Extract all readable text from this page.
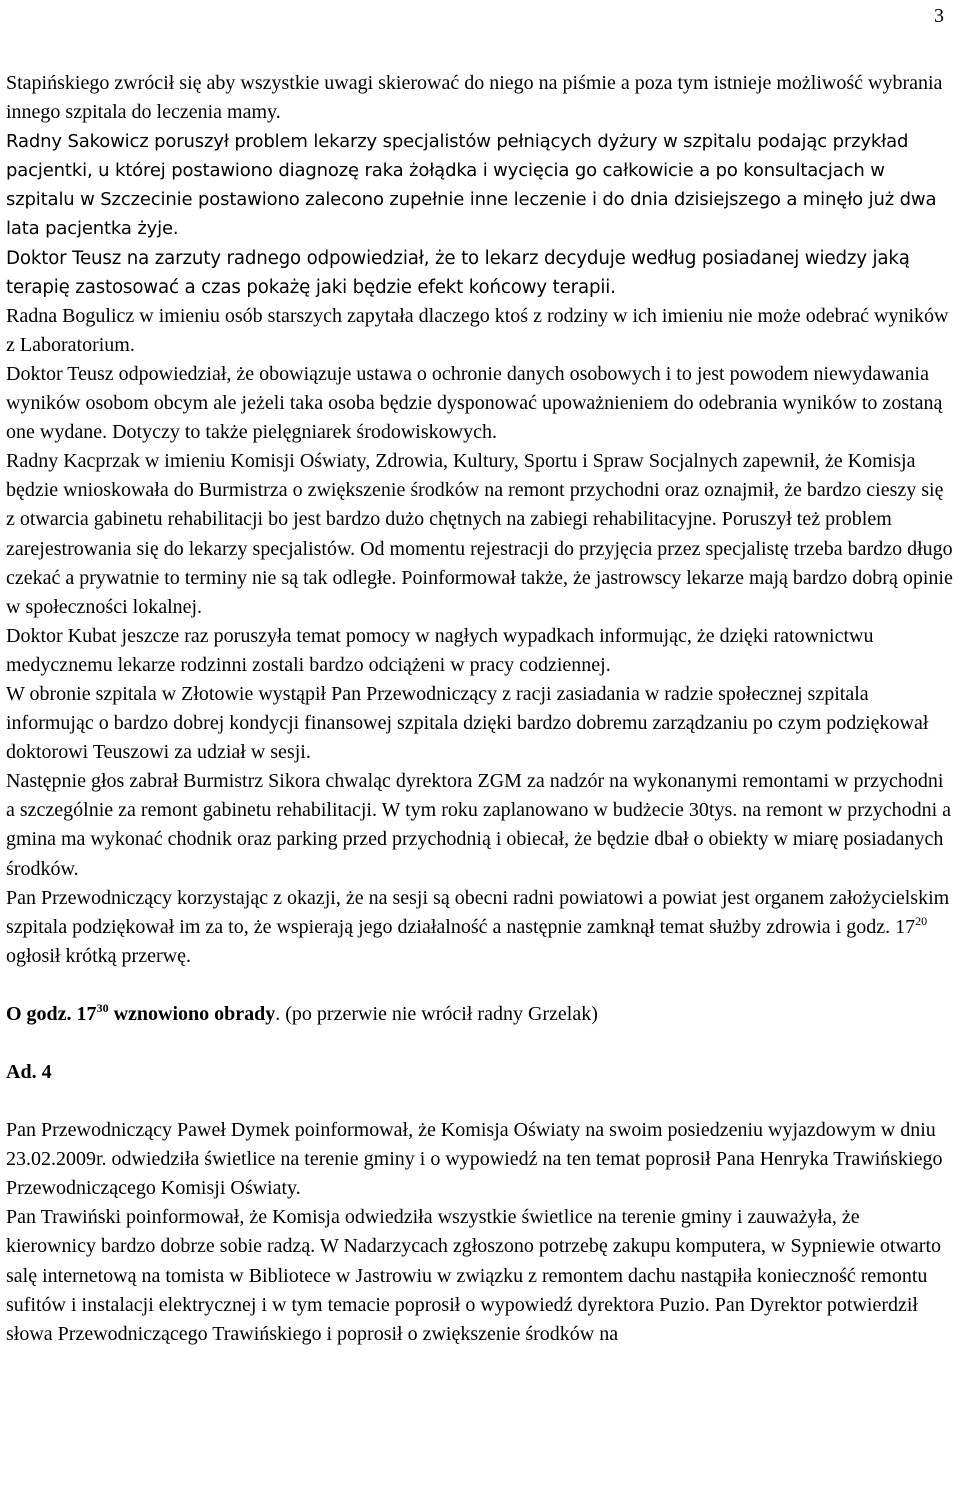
3

Stapińskiego zwrócił się aby wszystkie uwagi skierować do niego na piśmie a poza tym istnieje możliwość wybrania innego szpitala do leczenia mamy.

Radny Sakowicz poruszył problem lekarzy specjalistów pełniących dyżury w szpitalu podając przykład pacjentki, u której postawiono diagnozę raka żołądka i wycięcia go całkowicie a po konsultacjach w szpitalu w Szczecinie postawiono zalecono zupełnie inne leczenie i do dnia dzisiejszego a minęło już dwa lata pacjentka żyje.

Doktor Teusz na zarzuty radnego odpowiedział, że to lekarz decyduje według posiadanej wiedzy jaką terapię zastosować a czas pokażę jaki będzie efekt końcowy terapii.

Radna Bogulicz w imieniu osób starszych zapytała dlaczego ktoś z rodziny w ich imieniu nie może odebrać wyników z Laboratorium.

Doktor Teusz odpowiedział, że obowiązuje ustawa o ochronie danych osobowych i to jest powodem niewydawania wyników osobom obcym ale jeżeli taka osoba będzie dysponować upoważnieniem do odebrania wyników to zostaną one wydane. Dotyczy to także pielęgniarek środowiskowych.

Radny Kacprzak w imieniu Komisji Oświaty, Zdrowia, Kultury, Sportu i Spraw Socjalnych zapewnił, że Komisja będzie wnioskowała do Burmistrza o zwiększenie środków na remont przychodni oraz oznajmił, że bardzo cieszy się z otwarcia gabinetu rehabilitacji bo jest bardzo dużo chętnych na zabiegi rehabilitacyjne. Poruszył też problem zarejestrowania się do lekarzy specjalistów. Od momentu rejestracji do przyjęcia przez specjalistę trzeba bardzo długo czekać a prywatnie to terminy nie są tak odległe. Poinformował także, że jastrowscy lekarze mają bardzo dobrą opinie w społeczności lokalnej.

Doktor Kubat jeszcze raz poruszyła temat pomocy w nagłych wypadkach informując, że dzięki ratownictwu medycznemu lekarze rodzinni zostali bardzo odciążeni w pracy codziennej.

W obronie szpitala w Złotowie wystąpił Pan Przewodniczący z racji zasiadania w radzie społecznej szpitala informując o bardzo dobrej kondycji finansowej szpitala dzięki bardzo dobremu zarządzaniu po czym podziękował doktorowi Teuszowi za udział w sesji.

Następnie głos zabrał Burmistrz Sikora chwaląc dyrektora ZGM za nadzór na wykonanymi remontami w przychodni a szczególnie za remont gabinetu rehabilitacji. W tym roku zaplanowano w budżecie 30tys. na remont w przychodni a gmina ma wykonać chodnik oraz parking przed przychodnią i obiecał, że będzie dbał o obiekty w miarę posiadanych środków.

Pan Przewodniczący korzystając z okazji, że na sesji są obecni radni powiatowi a powiat jest organem założycielskim szpitala podziękował im za to, że wspierają jego działalność a następnie zamknął temat służby zdrowia i godz. $17^{20}$ ogłosił krótką przerwę.

O godz. $17^{30}$ wznowiono obrady. (po przerwie nie wrócił radny Grzelak)

Ad. 4

Pan Przewodniczący Paweł Dymek poinformował, że Komisja Oświaty na swoim posiedzeniu wyjazdowym w dniu 23.02.2009r. odwiedziła świetlice na terenie gminy i o wypowiedź na ten temat poprosił Pana Henryka Trawińskiego Przewodniczącego Komisji Oświaty.

Pan Trawiński poinformował, że Komisja odwiedziła wszystkie świetlice na terenie gminy i zauważyła, że kierownicy bardzo dobrze sobie radzą. W Nadarzycach zgłoszono potrzebę zakupu komputera, w Sypniewie otwarto salę internetową na tomista w Bibliotece w Jastrowiu w związku z remontem dachu nastąpiła konieczność remontu sufitów i instalacji elektrycznej i w tym temacie poprosił o wypowiedź dyrektora Puzio. Pan Dyrektor potwierdził słowa Przewodniczącego Trawińskiego i poprosił o zwiększenie środków na
